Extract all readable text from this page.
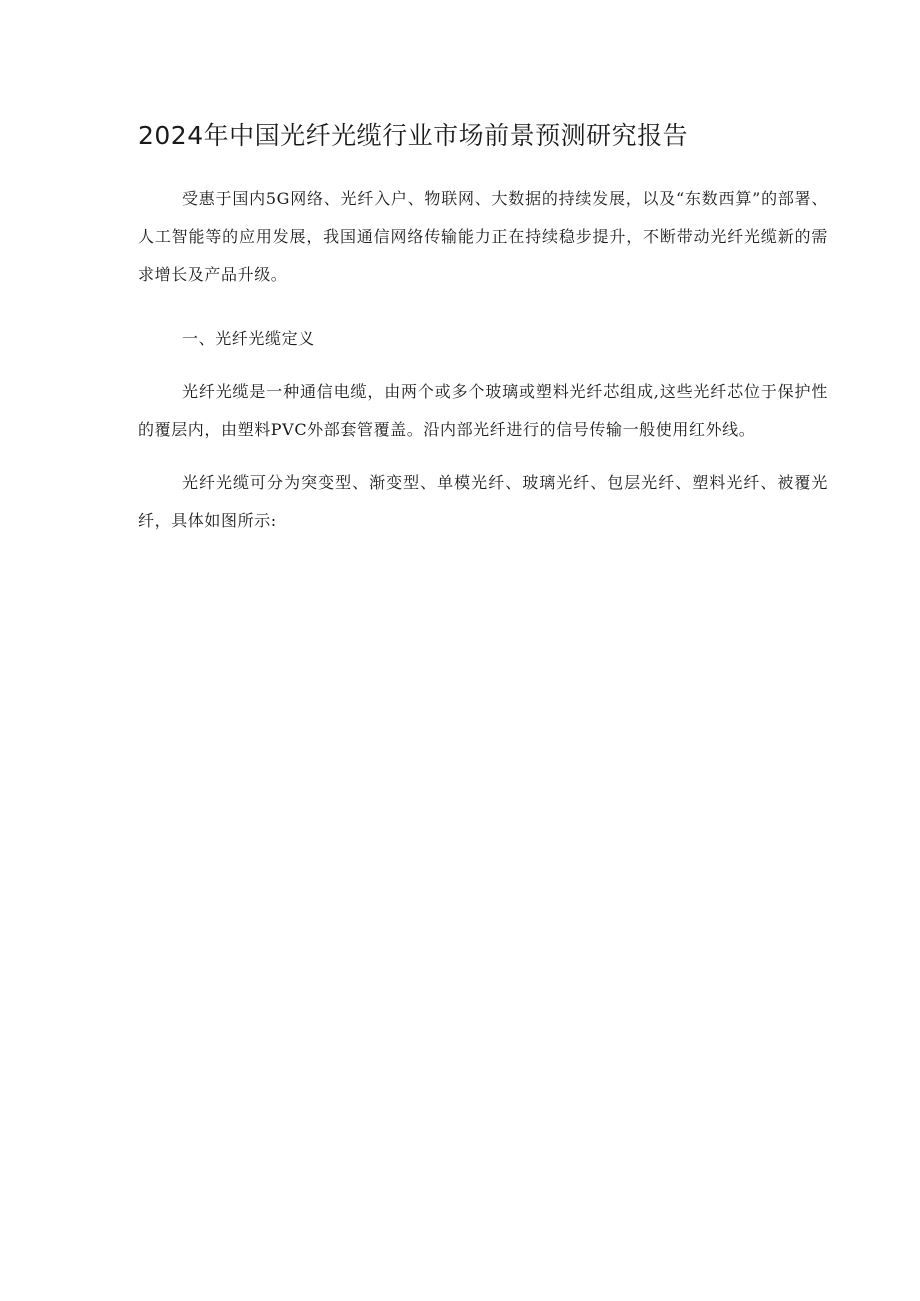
2024年中国光纤光缆行业市场前景预测研究报告

受惠于国内5G网络、光纤入户、物联网、大数据的持续发展，以及“东数西算”的部署、人工智能等的应用发展，我国通信网络传输能力正在持续稳步提升，不断带动光纤光缆新的需求增长及产品升级。

一、光纤光缆定义

光纤光缆是一种通信电缆，由两个或多个玻璃或塑料光纤芯组成,这些光纤芯位于保护性的覆层内，由塑料PVC外部套管覆盖。沿内部光纤进行的信号传输一般使用红外线。

光纤光缆可分为突变型、渐变型、单模光纤、玻璃光纤、包层光纤、塑料光纤、被覆光纤，具体如图所示:
